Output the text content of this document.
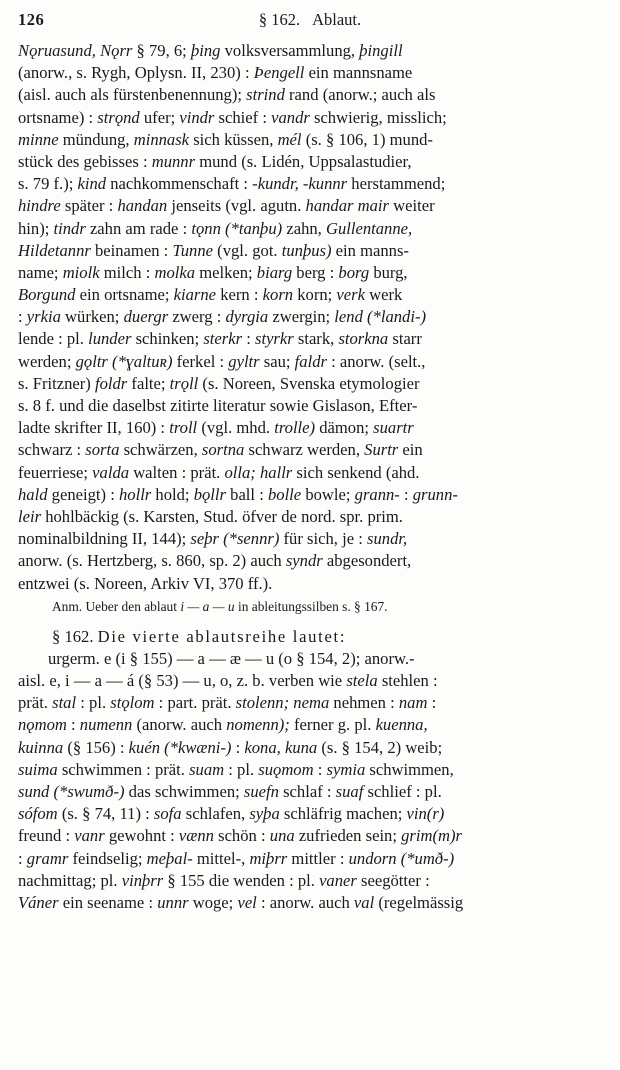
126	§ 162. Ablaut.
Nǫruasund, Nǫrr § 79, 6; þing volksversammlung, þingill
(anorw., s. Rygh, Oplysn. II, 230) : Þengell ein mannsname
(aisl. auch als fürstenbenennung); strind rand (anorw.; auch als
ortsname) : strǫnd ufer; vindr schief : vandr schwierig, misslich;
minne mündung, minnask sich küssen, mél (s. § 106, 1) mund-
stück des gebisses : munnr mund (s. Lidén, Uppsalastudier,
s. 79 f.); kind nachkommenschaft : -kundr, -kunnr herstammend;
hindre später : handan jenseits (vgl. agutn. handar mair weiter
hin); tindr zahn am rade : tǫnn (*tanþu) zahn, Gullentanne,
Hildetannr beinamen : Tunne (vgl. got. tunþus) ein manns-
name; miolk milch : molka melken; biarg berg : borg burg,
Borgund ein ortsname; kiarne kern : korn korn; verk werk
: yrkia würken; duergr zwerg : dyrgia zwergin; lend (*landi-)
lende : pl. lunder schinken; sterkr : styrkr stark, storkna starr
werden; gǫltr (*ɣaltuʀ) ferkel : gyltr sau; faldr : anorw. (selt.,
s. Fritzner) foldr falte; trǫll (s. Noreen, Svenska etymologier
s. 8 f. und die daselbst zitirte literatur sowie Gislason, Efter-
ladte skrifter II, 160) : troll (vgl. mhd. trolle) dämon; suartr
schwarz : sorta schwärzen, sortna schwarz werden, Surtr ein
feuerriese; valda walten : prät. olla; hallr sich senkend (ahd.
hald geneigt) : hollr hold; bǫllr ball : bolle bowle; grann- : grunn-
leir hohlbäckig (s. Karsten, Stud. öfver de nord. spr. prim.
nominalbildning II, 144); seþr (*sennr) für sich, je : sundr,
anorw. (s. Hertzberg, s. 860, sp. 2) auch syndr abgesondert,
entzwei (s. Noreen, Arkiv VI, 370 ff.).
Anm. Ueber den ablaut i — a — u in ableitungssilben s. § 167.
§ 162. Die vierte ablautsreihe lautet:
urgerm. e (i § 155) — a — æ — u (o § 154, 2); anorw.-
aisl. e, i — a — á (§ 53) — u, o, z. b. verben wie stela stehlen :
prät. stal : pl. stǫlom : part. prät. stolenn; nema nehmen : nam :
nǫmom : numenn (anorw. auch nomenn); ferner g. pl. kuenna,
kuinna (§ 156) : kuén (*kwæni-) : kona, kuna (s. § 154, 2) weib;
suima schwimmen : prät. suam : pl. suǫmom : symia schwimmen,
sund (*swumð-) das schwimmen; suefn schlaf : suaf schlief : pl.
sófom (s. § 74, 11) : sofa schlafen, syþa schläfrig machen; vin(r)
freund : vanr gewohnt : vænn schön : una zufrieden sein; grim(m)r
: gramr feindselig; meþal- mittel-, miþrr mittler : undorn (*umð-)
nachmittag; pl. vinþrr § 155 die wenden : pl. vaner seegötter :
Váner ein seename : unnr woge; vel : anorw. auch val (regelmässig
